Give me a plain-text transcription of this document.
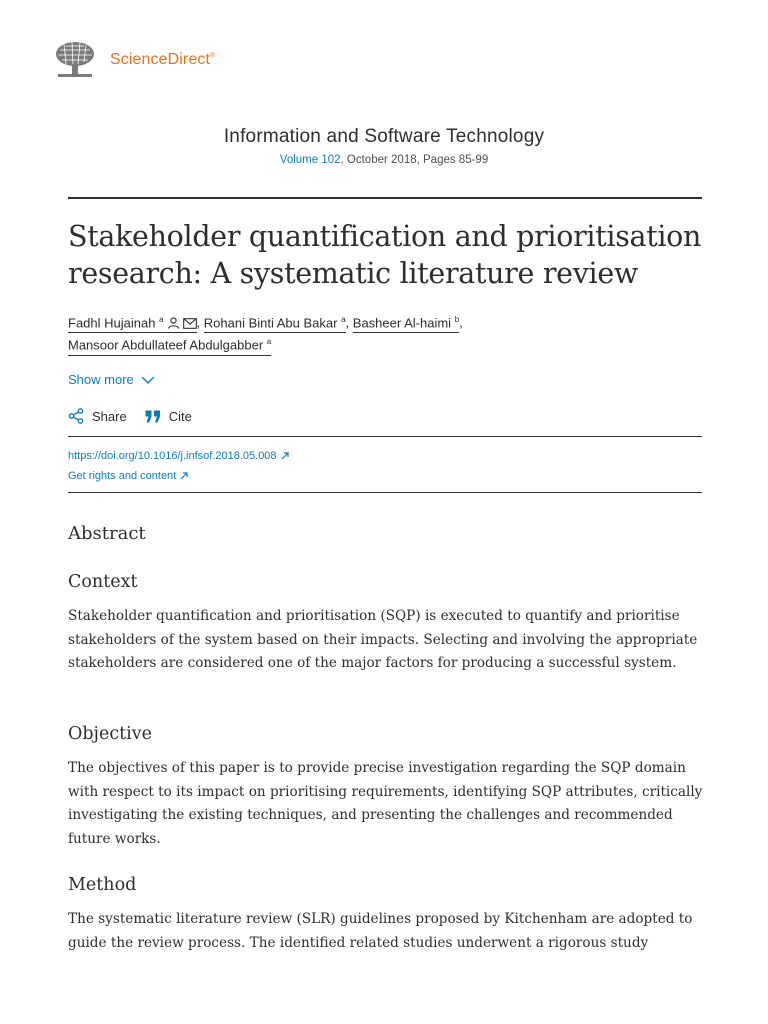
ScienceDirect®
Information and Software Technology
Volume 102, October 2018, Pages 85-99
Stakeholder quantification and prioritisation research: A systematic literature review
Fadhl Hujainah $^a$	, Rohani Binti Abu Bakar $^a$, Basheer Al-haimi $^b$,
Mansoor Abdullateef Abdulgabber $^a$
Show more
Share	Cite
https://doi.org/10.1016/j.infsof.2018.05.008
Get rights and content
Abstract
Context

Stakeholder quantification and prioritisation (SQP) is executed to quantify and prioritise stakeholders of the system based on their impacts. Selecting and involving the appropriate stakeholders are considered one of the major factors for producing a successful system.

Objective

The objectives of this paper is to provide precise investigation regarding the SQP domain with respect to its impact on prioritising requirements, identifying SQP attributes, critically investigating the existing techniques, and presenting the challenges and recommended future works.

Method

The systematic literature review (SLR) guidelines proposed by Kitchenham are adopted to guide the review process. The identified related studies underwent a rigorous study
